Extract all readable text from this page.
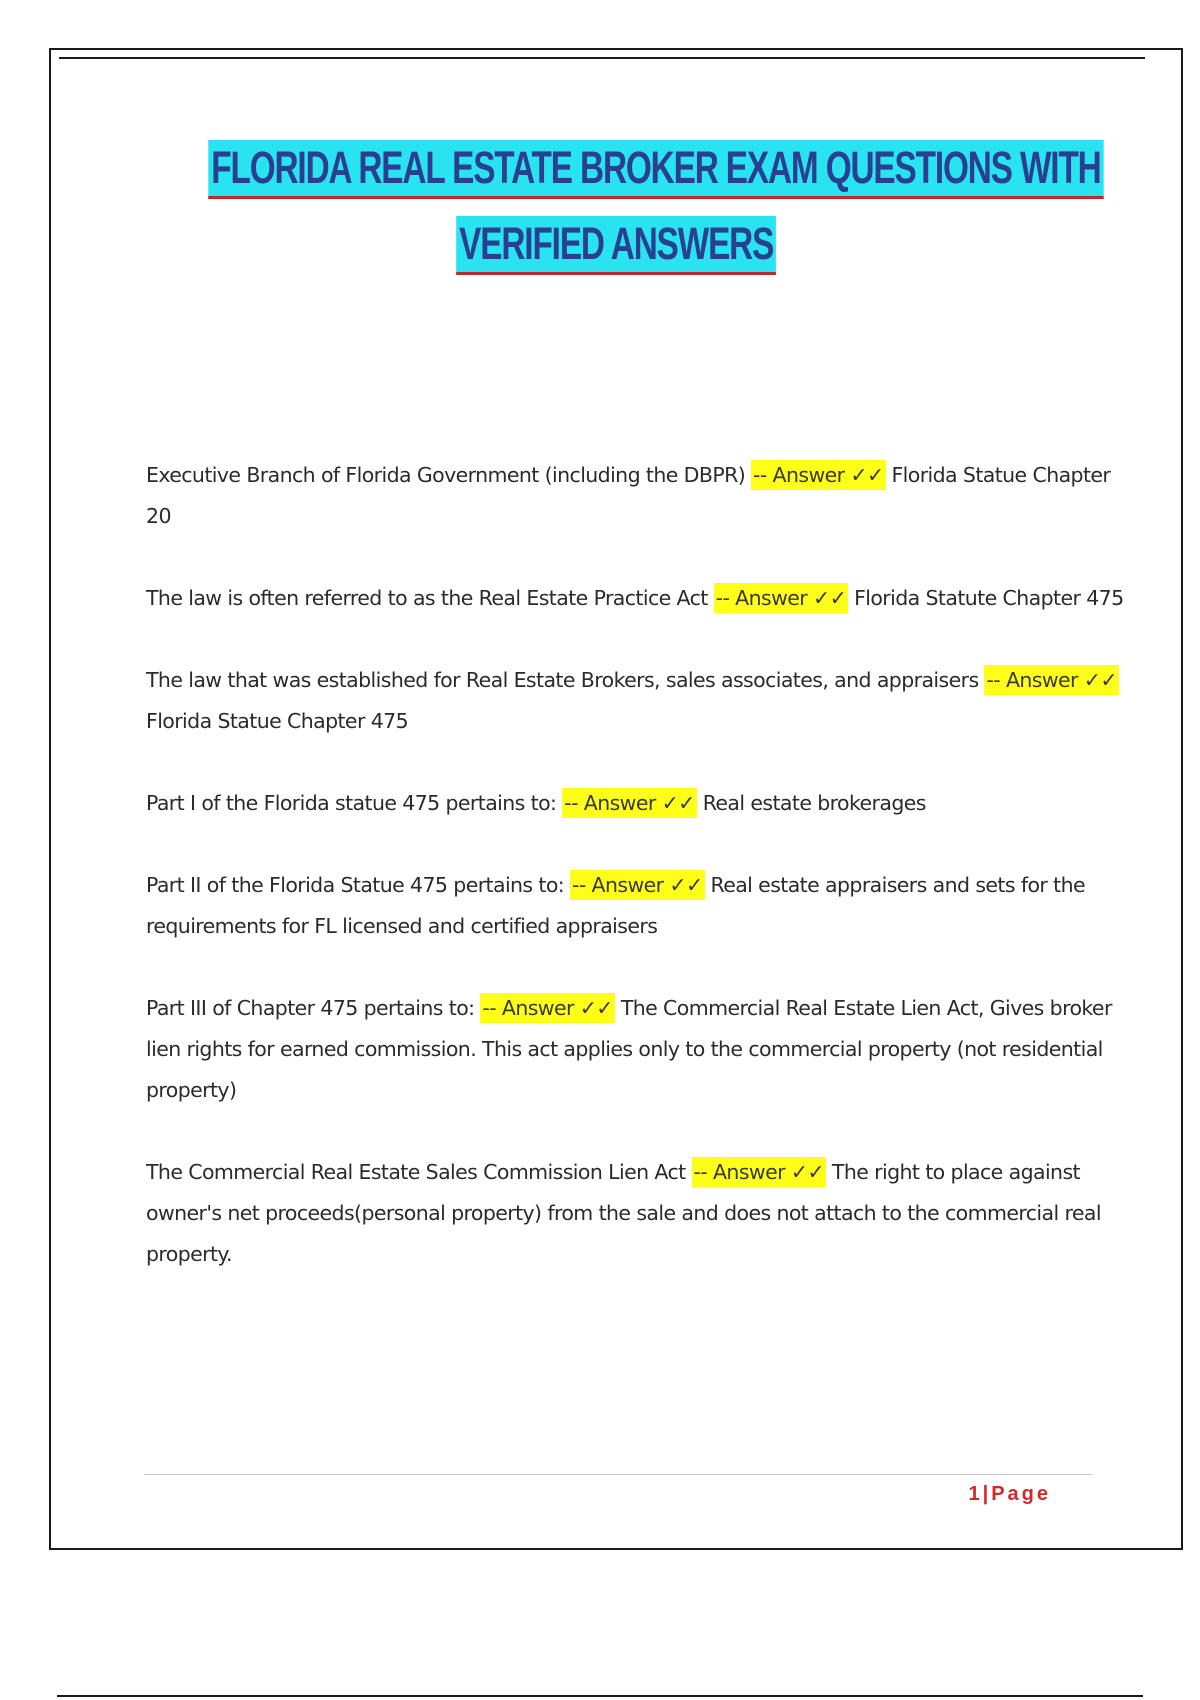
FLORIDA REAL ESTATE BROKER EXAM QUESTIONS WITH
VERIFIED ANSWERS
Executive Branch of Florida Government (including the DBPR) -- Answer ✓✓ Florida Statue Chapter 20
The law is often referred to as the Real Estate Practice Act -- Answer ✓✓ Florida Statute Chapter 475
The law that was established for Real Estate Brokers, sales associates, and appraisers -- Answer ✓✓ Florida Statue Chapter 475
Part I of the Florida statue 475 pertains to: -- Answer ✓✓ Real estate brokerages
Part II of the Florida Statue 475 pertains to: -- Answer ✓✓ Real estate appraisers and sets for the requirements for FL licensed and certified appraisers
Part III of Chapter 475 pertains to: -- Answer ✓✓ The Commercial Real Estate Lien Act, Gives broker lien rights for earned commission. This act applies only to the commercial property (not residential property)
The Commercial Real Estate Sales Commission Lien Act -- Answer ✓✓ The right to place against owner's net proceeds(personal property) from the sale and does not attach to the commercial real property.
1|Page
